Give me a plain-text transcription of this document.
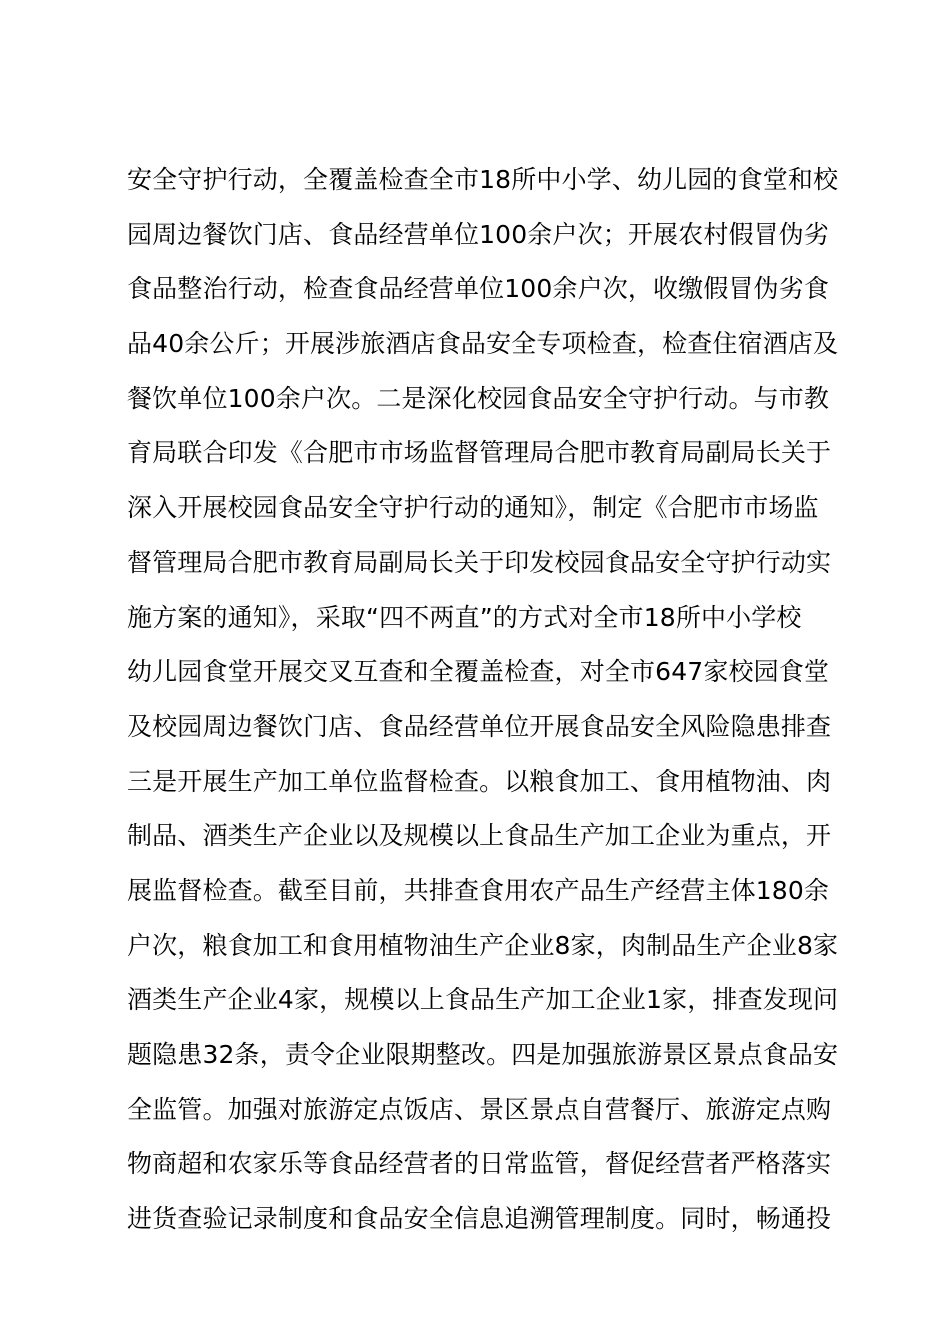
安全守护行动，全覆盖检查全市18所中小学、幼儿园的食堂和校
园周边餐饮门店、食品经营单位100余户次；开展农村假冒伪劣
食品整治行动，检查食品经营单位100余户次，收缴假冒伪劣食
品40余公斤；开展涉旅酒店食品安全专项检查，检查住宿酒店及
餐饮单位100余户次。二是深化校园食品安全守护行动。与市教
育局联合印发《合肥市市场监督管理局合肥市教育局副局长关于
深入开展校园食品安全守护行动的通知》，制定《合肥市市场监
督管理局合肥市教育局副局长关于印发校园食品安全守护行动实
施方案的通知》，采取“四不两直”的方式对全市18所中小学校
幼儿园食堂开展交叉互查和全覆盖检查，对全市647家校园食堂
及校园周边餐饮门店、食品经营单位开展食品安全风险隐患排查
三是开展生产加工单位监督检查。以粮食加工、食用植物油、肉
制品、酒类生产企业以及规模以上食品生产加工企业为重点，开
展监督检查。截至目前，共排查食用农产品生产经营主体180余
户次，粮食加工和食用植物油生产企业8家，肉制品生产企业8家
酒类生产企业4家，规模以上食品生产加工企业1家，排查发现问
题隐患32条，责令企业限期整改。四是加强旅游景区景点食品安
全监管。加强对旅游定点饭店、景区景点自营餐厅、旅游定点购
物商超和农家乐等食品经营者的日常监管，督促经营者严格落实
进货查验记录制度和食品安全信息追溯管理制度。同时，畅通投
